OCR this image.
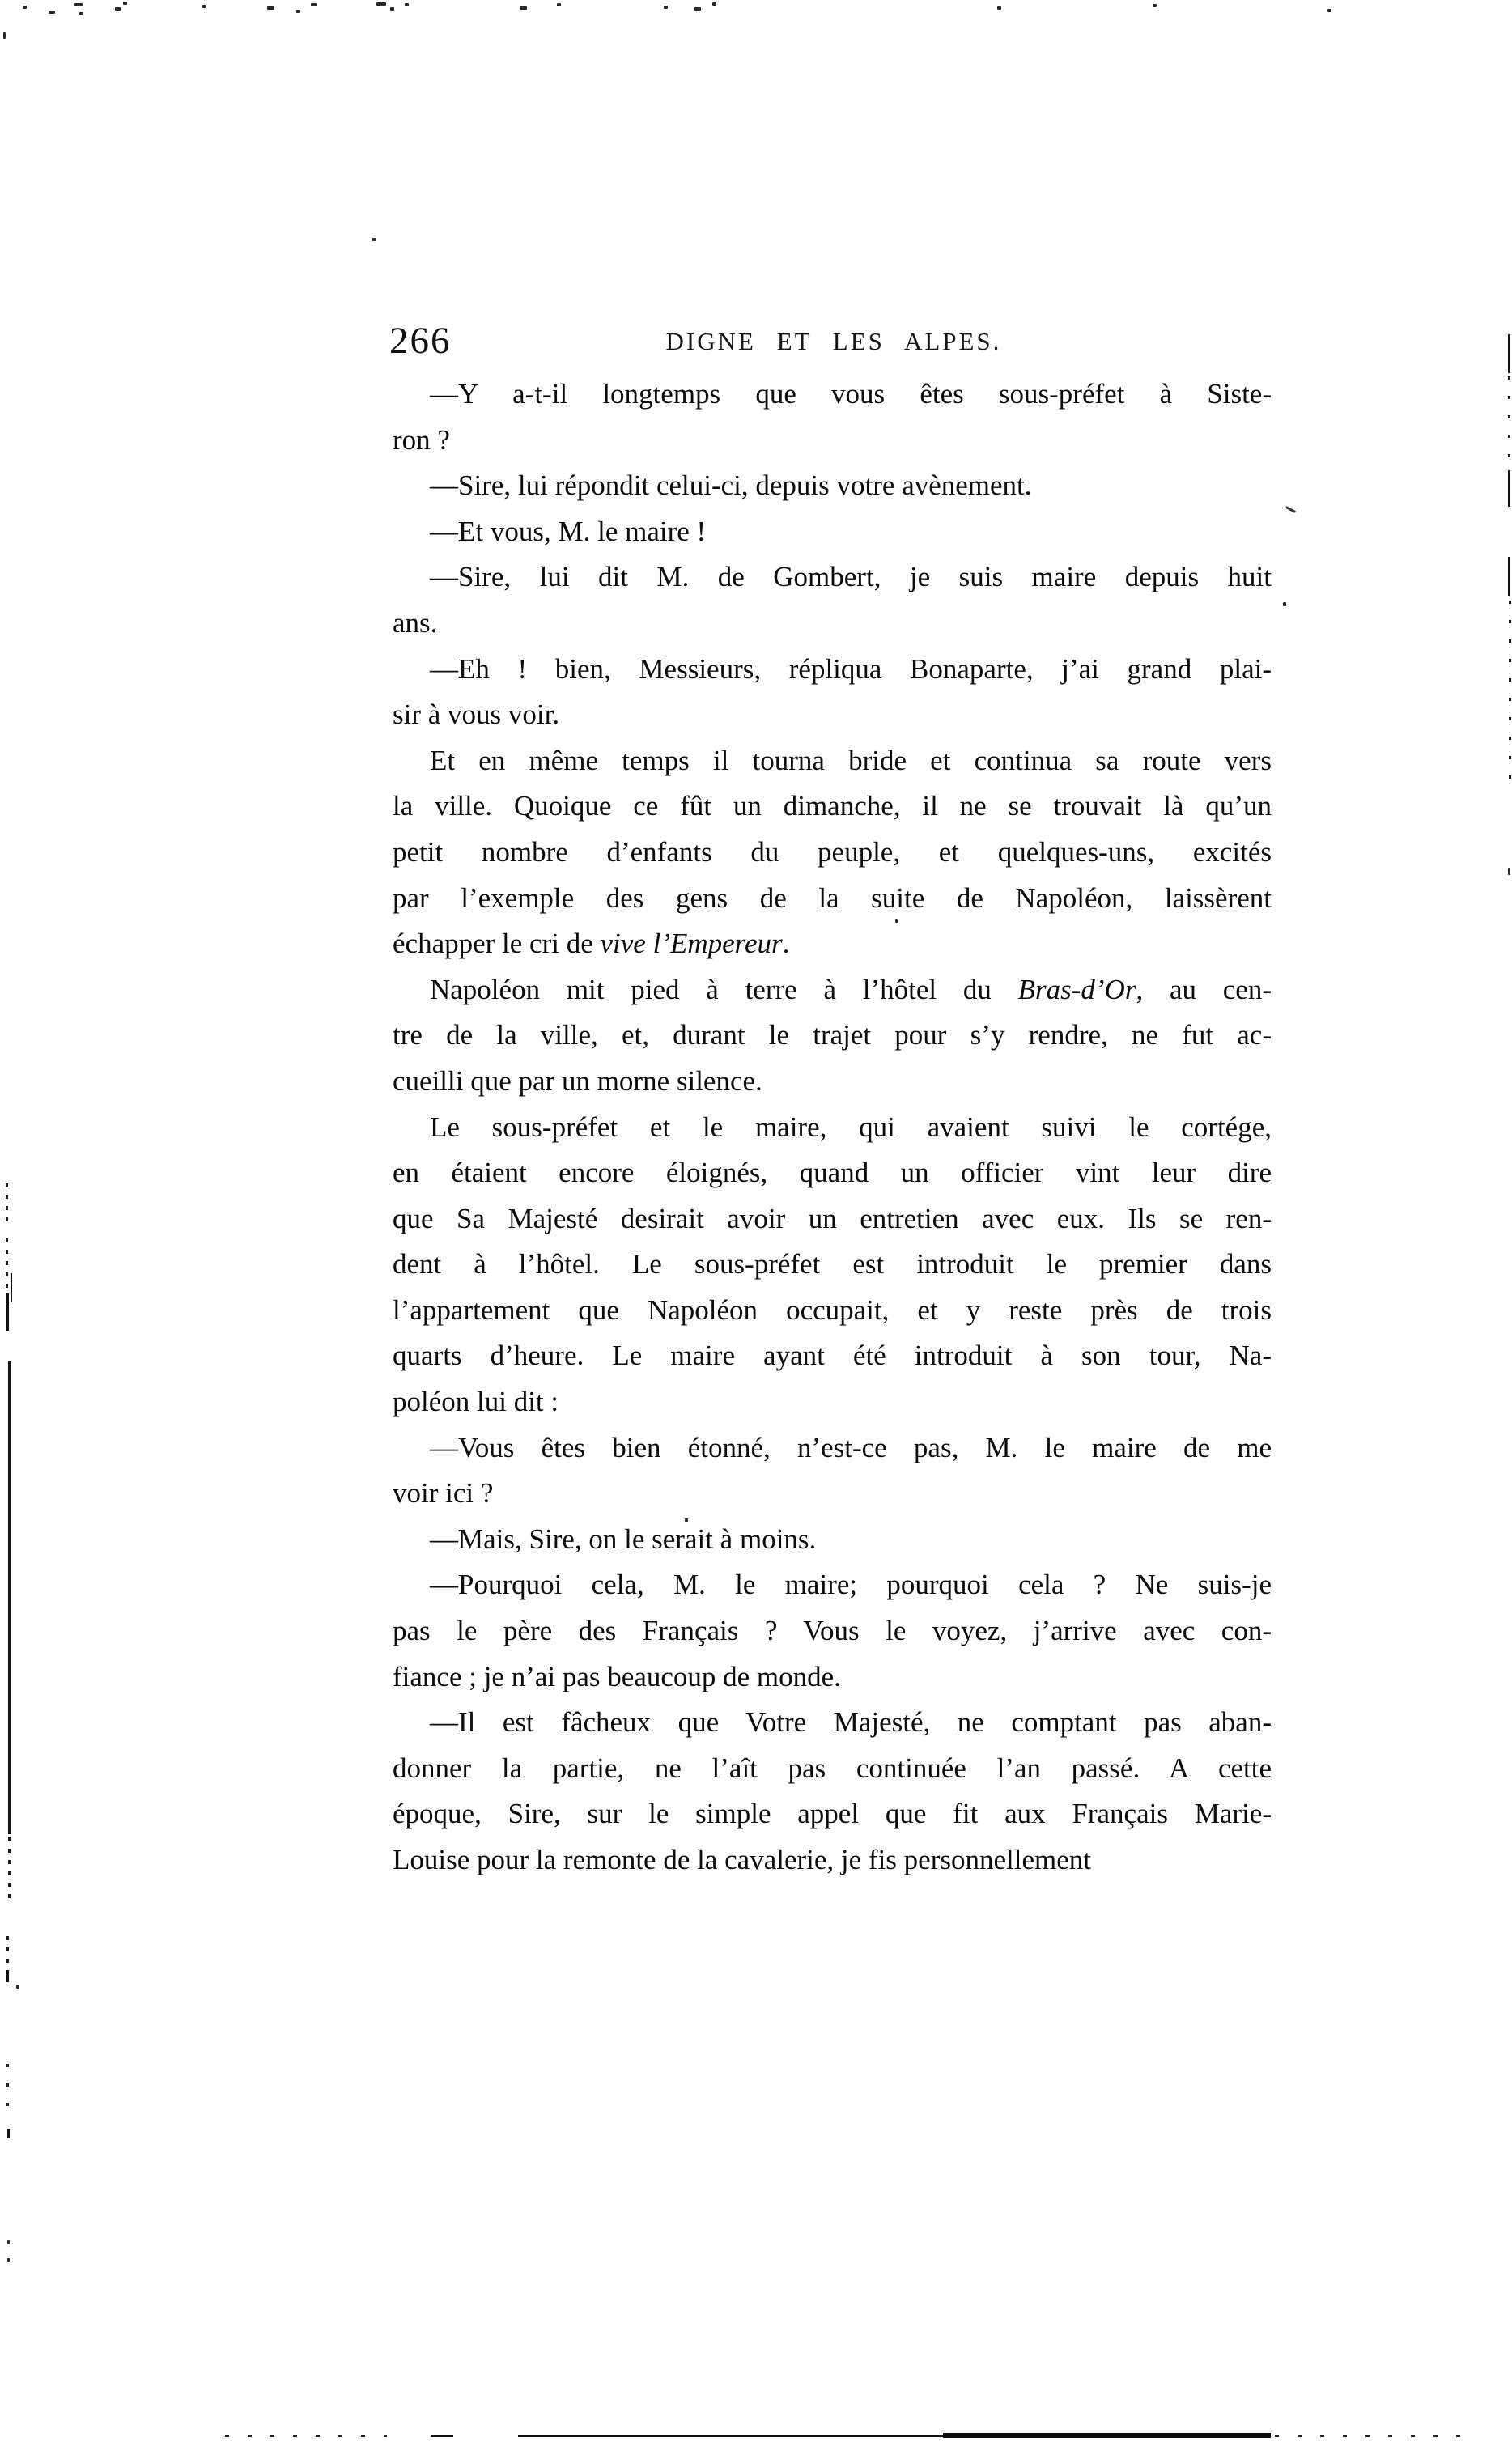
266	DIGNE ET LES ALPES.
—Y a-t-il longtemps que vous êtes sous-préfet à Siste-
ron ?
—Sire, lui répondit celui-ci, depuis votre avènement.
—Et vous, M. le maire !
—Sire, lui dit M. de Gombert, je suis maire depuis huit
ans.
—Eh ! bien, Messieurs, répliqua Bonaparte, j’ai grand plai-
sir à vous voir.
Et en même temps il tourna bride et continua sa route vers
la ville. Quoique ce fût un dimanche, il ne se trouvait là qu’un
petit nombre d’enfants du peuple, et quelques-uns, excités
par l’exemple des gens de la suite de Napoléon, laissèrent
échapper le cri de vive l’Empereur.
Napoléon mit pied à terre à l’hôtel du Bras-d’Or, au cen-
tre de la ville, et, durant le trajet pour s’y rendre, ne fut ac-
cueilli que par un morne silence.
Le sous-préfet et le maire, qui avaient suivi le cortége,
en étaient encore éloignés, quand un officier vint leur dire
que Sa Majesté desirait avoir un entretien avec eux. Ils se ren-
dent à l’hôtel. Le sous-préfet est introduit le premier dans
l’appartement que Napoléon occupait, et y reste près de trois
quarts d’heure. Le maire ayant été introduit à son tour, Na-
poléon lui dit :
—Vous êtes bien étonné, n’est-ce pas, M. le maire de me
voir ici ?
—Mais, Sire, on le serait à moins.
—Pourquoi cela, M. le maire; pourquoi cela ? Ne suis-je
pas le père des Français ? Vous le voyez, j’arrive avec con-
fiance ; je n’ai pas beaucoup de monde.
—Il est fâcheux que Votre Majesté, ne comptant pas aban-
donner la partie, ne l’aît pas continuée l’an passé. A cette
époque, Sire, sur le simple appel que fit aux Français Marie-
Louise pour la remonte de la cavalerie, je fis personnellement
